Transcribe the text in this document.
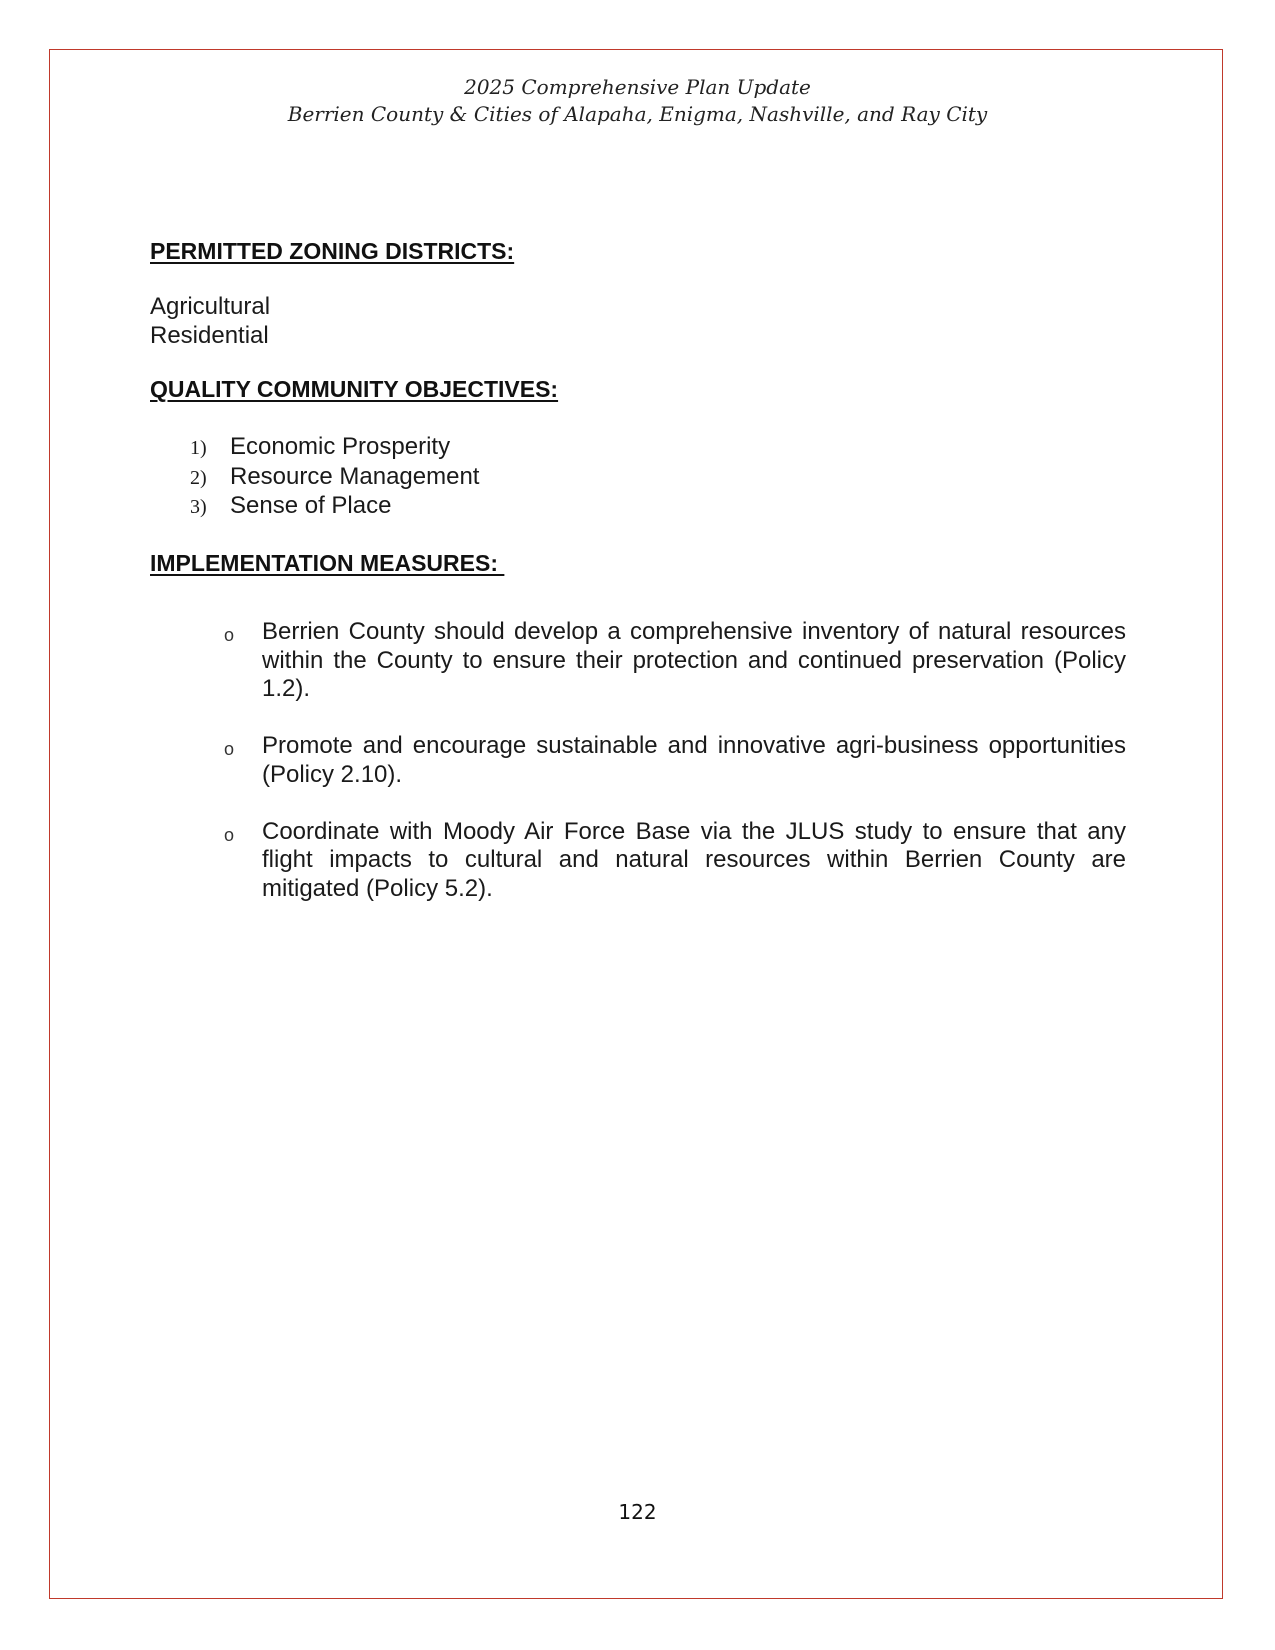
2025 Comprehensive Plan Update
Berrien County & Cities of Alapaha, Enigma, Nashville, and Ray City
PERMITTED ZONING DISTRICTS:
Agricultural
Residential
QUALITY COMMUNITY OBJECTIVES:
1) Economic Prosperity
2) Resource Management
3) Sense of Place
IMPLEMENTATION MEASURES:
o	Berrien County should develop a comprehensive inventory of natural resources within the County to ensure their protection and continued preservation (Policy 1.2).
o	Promote and encourage sustainable and innovative agri-business opportunities (Policy 2.10).
o	Coordinate with Moody Air Force Base via the JLUS study to ensure that any flight impacts to cultural and natural resources within Berrien County are mitigated (Policy 5.2).
122
